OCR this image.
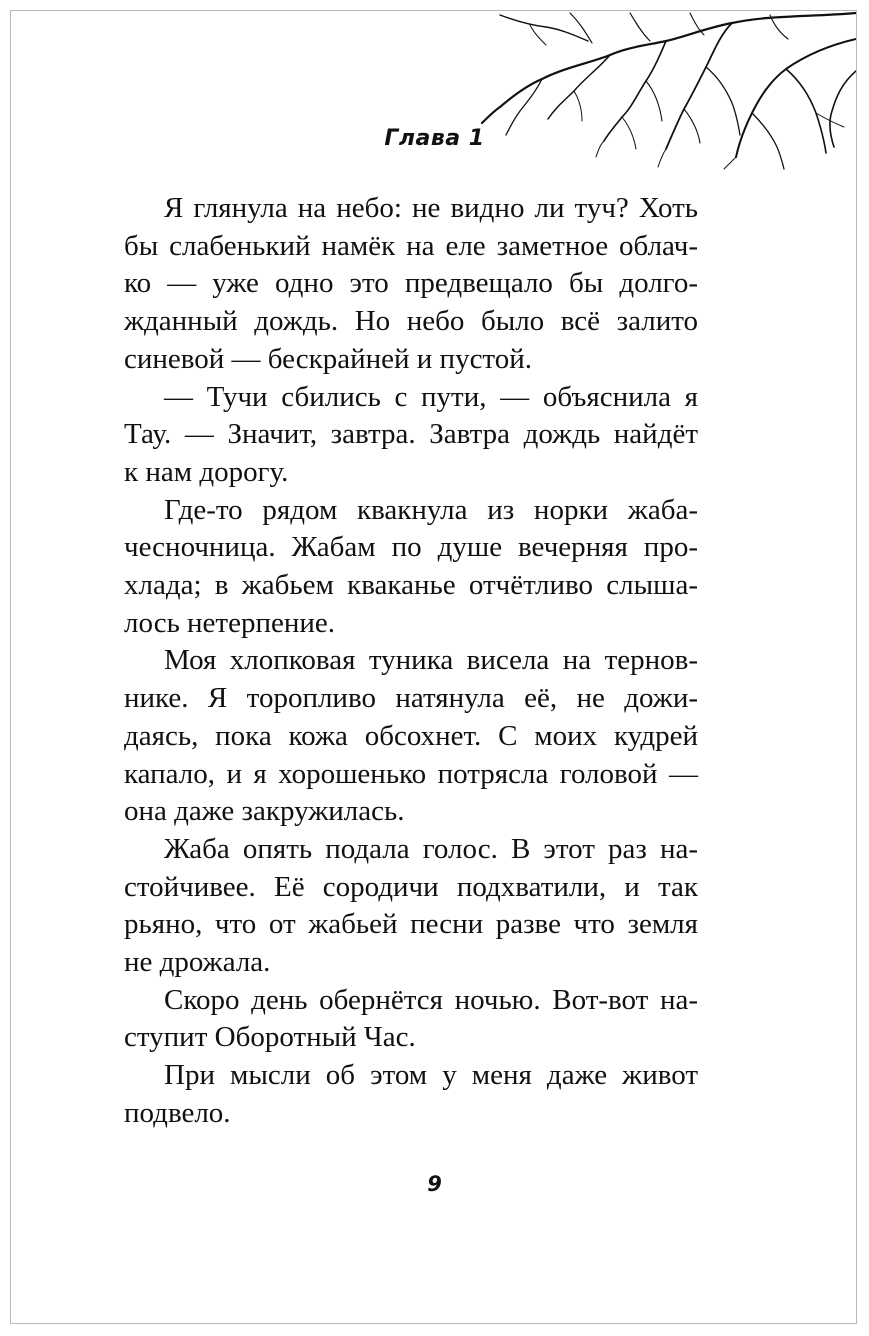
Глава 1
Я глянула на небо: не видно ли туч? Хоть
бы слабенький намёк на еле заметное облач-
ко — уже одно это предвещало бы долго-
жданный дождь. Но небо было всё залито
синевой — бескрайней и пустой.
— Тучи сбились с пути, — объяснила я
Тау. — Значит, завтра. Завтра дождь найдёт
к нам дорогу.
Где-то рядом квакнула из норки жаба-
чесночница. Жабам по душе вечерняя про-
хлада; в жабьем кваканье отчётливо слыша-
лось нетерпение.
Моя хлопковая туника висела на тернов-
нике. Я торопливо натянула её, не дожи-
даясь, пока кожа обсохнет. С моих кудрей
капало, и я хорошенько потрясла головой —
она даже закружилась.
Жаба опять подала голос. В этот раз на-
стойчивее. Её сородичи подхватили, и так
рьяно, что от жабьей песни разве что земля
не дрожала.
Скоро день обернётся ночью. Вот-вот на-
ступит Оборотный Час.
При мысли об этом у меня даже живот
подвело.
9
